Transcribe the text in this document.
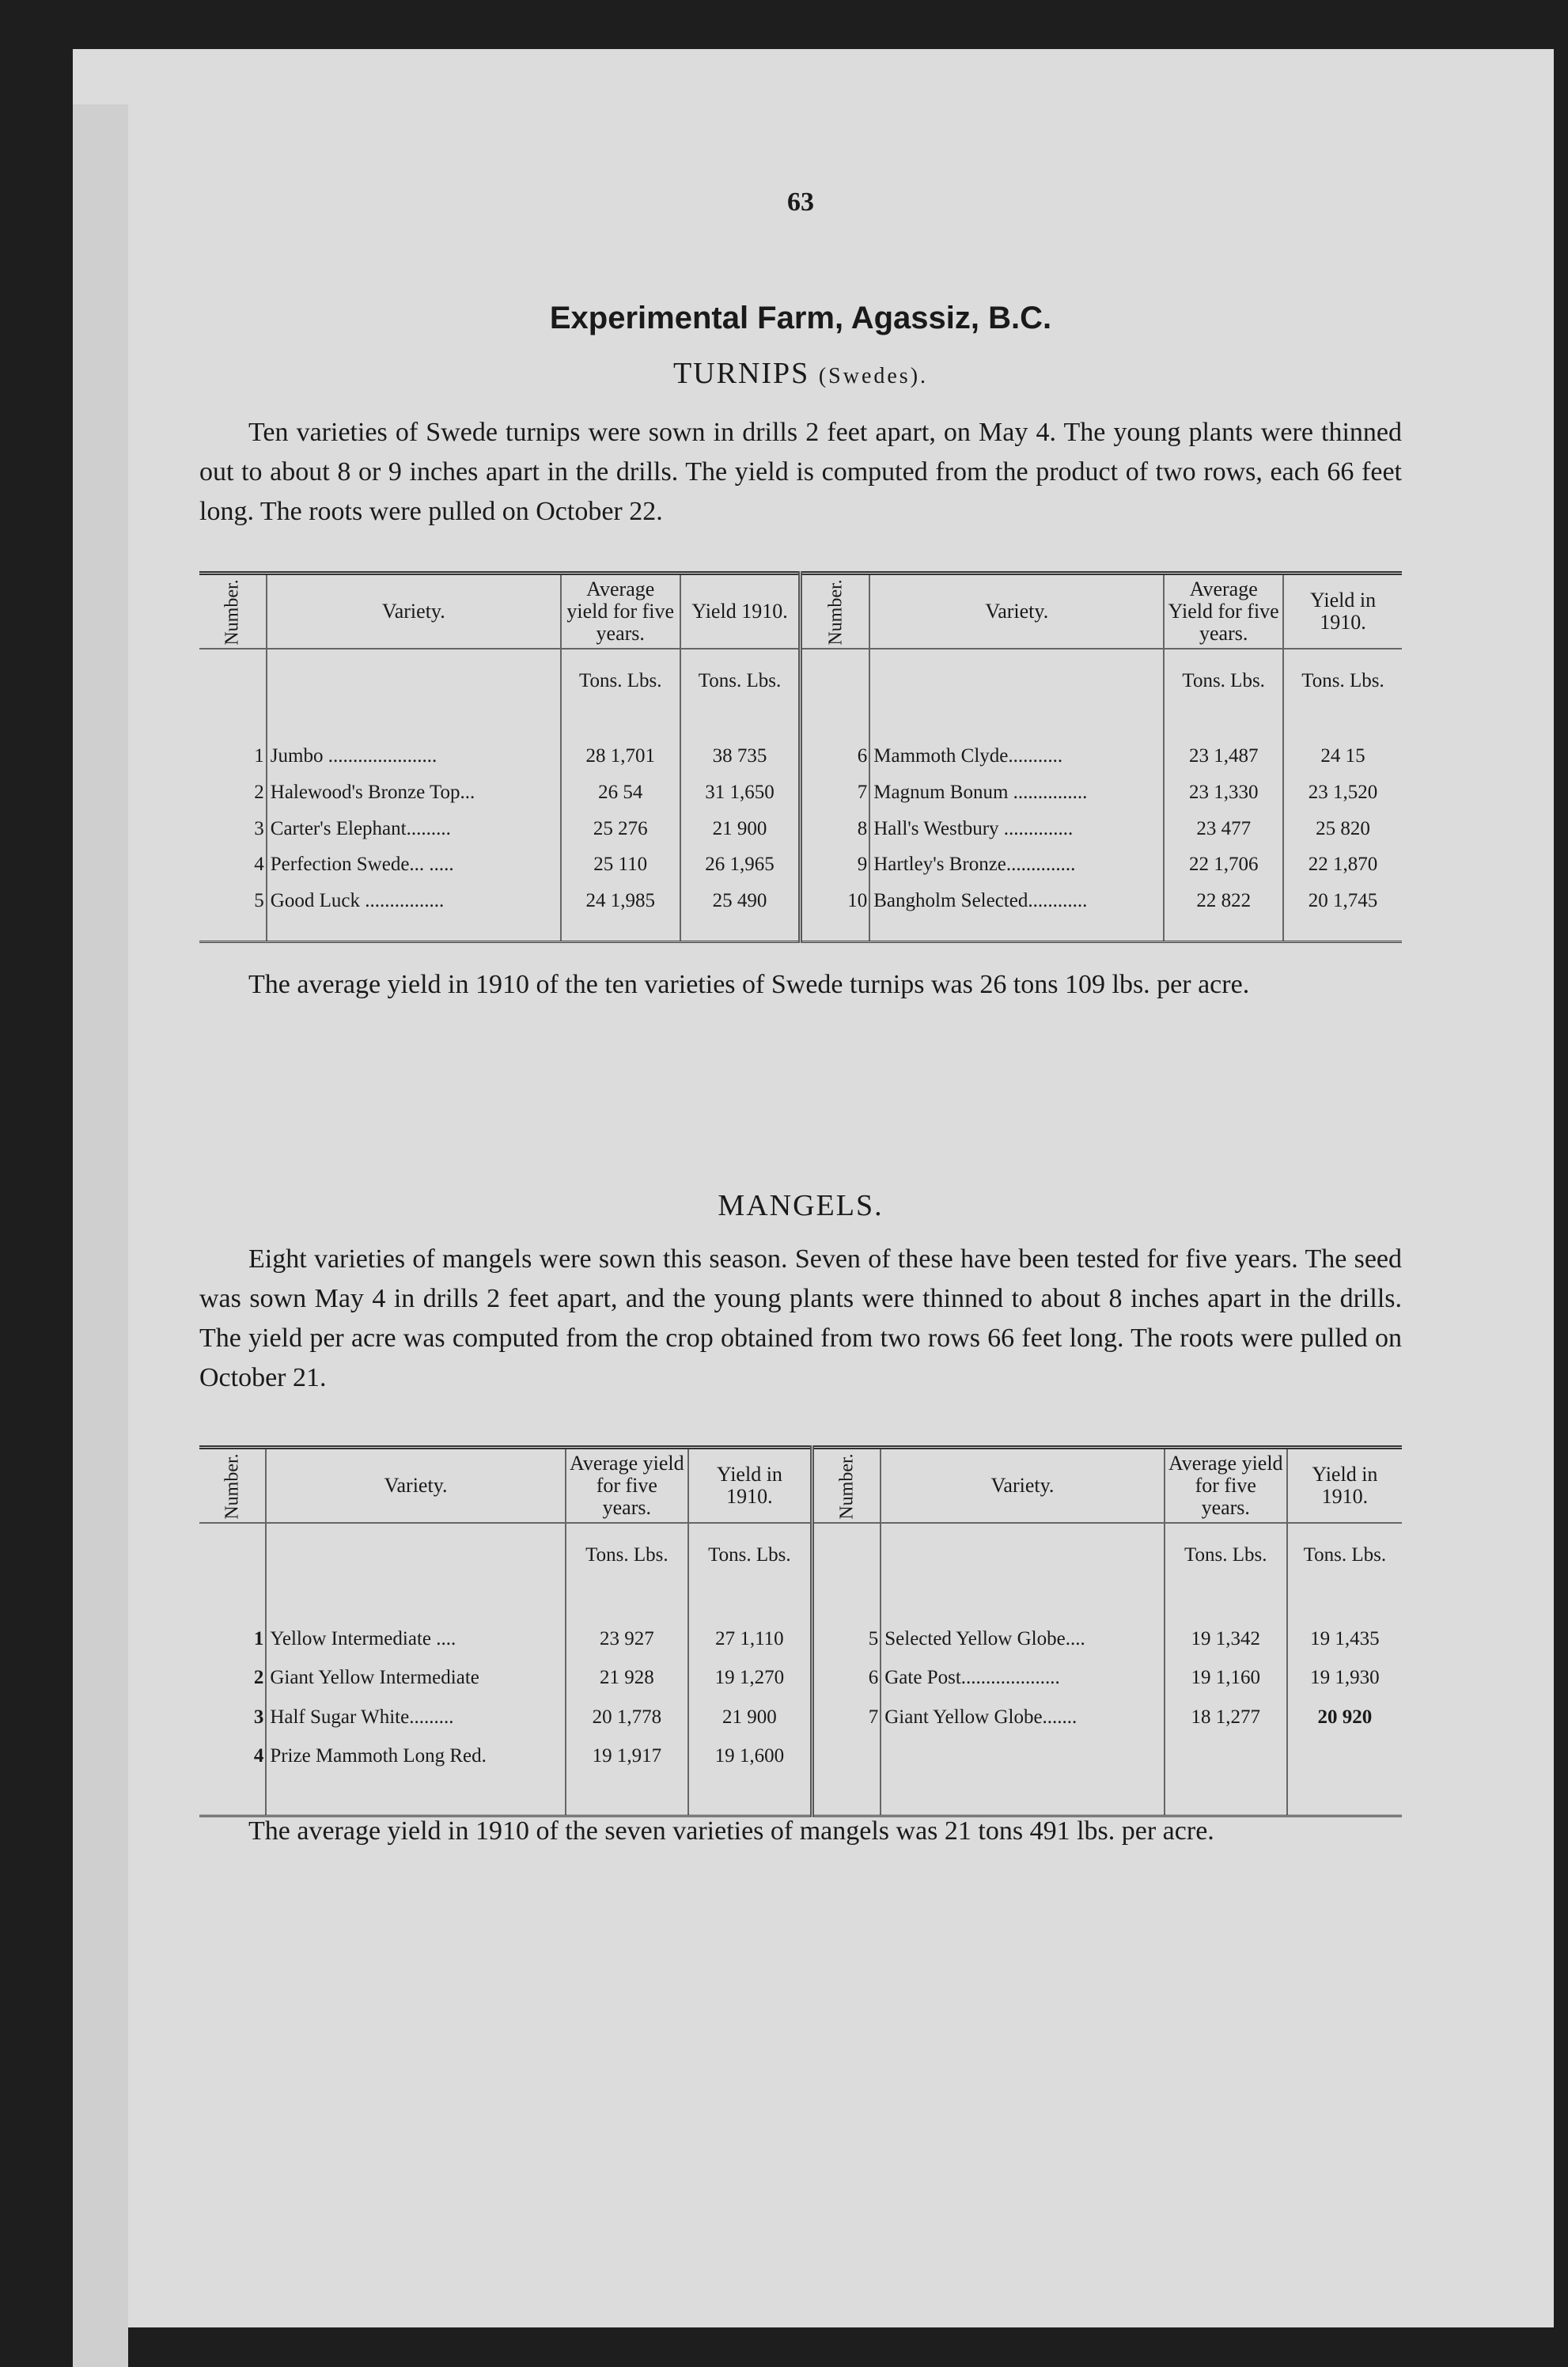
63
Experimental Farm, Agassiz, B.C.
TURNIPS (Swedes).
Ten varieties of Swede turnips were sown in drills 2 feet apart, on May 4. The young plants were thinned out to about 8 or 9 inches apart in the drills. The yield is computed from the product of two rows, each 66 feet long. The roots were pulled on October 22.
Number.	Variety.	Average yield for five years.	Yield 1910.	Number.	Variety.	Average Yield for five years.	Yield in 1910.
		Tons. Lbs.	Tons. Lbs.			Tons. Lbs.	Tons. Lbs.
1	Jumbo ......................	28 1,701	38 735	6	Mammoth Clyde...........	23 1,487	24 15
2	Halewood's Bronze Top...	26 54	31 1,650	7	Magnum Bonum ...............	23 1,330	23 1,520
3	Carter's Elephant.........	25 276	21 900	8	Hall's Westbury ..............	23 477	25 820
4	Perfection Swede... .....	25 110	26 1,965	9	Hartley's Bronze..............	22 1,706	22 1,870
5	Good Luck ................	24 1,985	25 490	10	Bangholm Selected............	22 822	20 1,745

The average yield in 1910 of the ten varieties of Swede turnips was 26 tons 109 lbs. per acre.
MANGELS.
Eight varieties of mangels were sown this season. Seven of these have been tested for five years. The seed was sown May 4 in drills 2 feet apart, and the young plants were thinned to about 8 inches apart in the drills. The yield per acre was computed from the crop obtained from two rows 66 feet long. The roots were pulled on October 21.
Number.	Variety.	Average yield for five years.	Yield in 1910.	Number.	Variety.	Average yield for five years.	Yield in 1910.
		Tons. Lbs.	Tons. Lbs.			Tons. Lbs.	Tons. Lbs.
1	Yellow Intermediate ....	23 927	27 1,110	5	Selected Yellow Globe....	19 1,342	19 1,435
2	Giant Yellow Intermediate	21 928	19 1,270	6	Gate Post....................	19 1,160	19 1,930
3	Half Sugar White.........	20 1,778	21 900	7	Giant Yellow Globe.......	18 1,277	20 920
4	Prize Mammoth Long Red.	19 1,917	19 1,600				

The average yield in 1910 of the seven varieties of mangels was 21 tons 491 lbs. per acre.
